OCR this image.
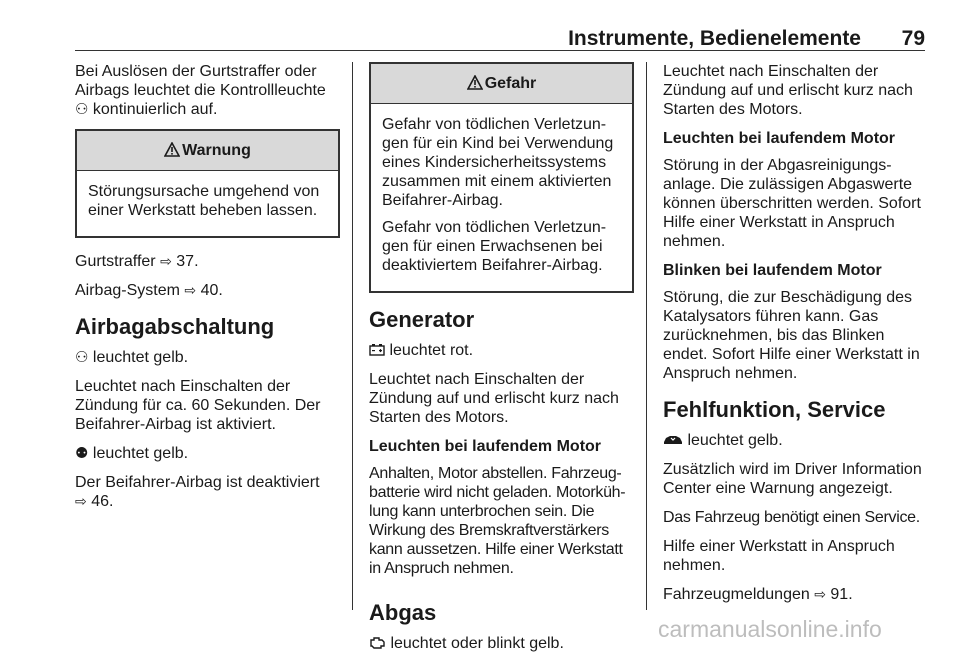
Instrumente, Bedienelemente 79

Bei Auslösen der Gurtstraffer oder
Airbags leuchtet die Kontrollleuchte
⚇ kontinuierlich auf.

Warnung

Störungsursache umgehend von
einer Werkstatt beheben lassen.

Gurtstraffer ⇨ 37.

Airbag-System ⇨ 40.

Airbagabschaltung

⚇ leuchtet gelb.

Leuchtet nach Einschalten der
Zündung für ca. 60 Sekunden. Der
Beifahrer-Airbag ist aktiviert.

⚉ leuchtet gelb.

Der Beifahrer-Airbag ist deaktiviert
⇨ 46.

Gefahr

Gefahr von tödlichen Verletzun-
gen für ein Kind bei Verwendung
eines Kindersicherheitssystems
zusammen mit einem aktivierten
Beifahrer-Airbag.

Gefahr von tödlichen Verletzun-
gen für einen Erwachsenen bei
deaktiviertem Beifahrer-Airbag.

Generator

leuchtet rot.

Leuchtet nach Einschalten der
Zündung auf und erlischt kurz nach
Starten des Motors.

Leuchten bei laufendem Motor

Anhalten, Motor abstellen. Fahrzeug-
batterie wird nicht geladen. Motorküh-
lung kann unterbrochen sein. Die
Wirkung des Bremskraftverstärkers
kann aussetzen. Hilfe einer Werkstatt
in Anspruch nehmen.

Abgas

leuchtet oder blinkt gelb.

Leuchtet nach Einschalten der
Zündung auf und erlischt kurz nach
Starten des Motors.

Leuchten bei laufendem Motor

Störung in der Abgasreinigungs-
anlage. Die zulässigen Abgaswerte
können überschritten werden. Sofort
Hilfe einer Werkstatt in Anspruch
nehmen.

Blinken bei laufendem Motor

Störung, die zur Beschädigung des
Katalysators führen kann. Gas
zurücknehmen, bis das Blinken
endet. Sofort Hilfe einer Werkstatt in
Anspruch nehmen.

Fehlfunktion, Service

leuchtet gelb.

Zusätzlich wird im Driver Information
Center eine Warnung angezeigt.

Das Fahrzeug benötigt einen Service.

Hilfe einer Werkstatt in Anspruch
nehmen.

Fahrzeugmeldungen ⇨ 91.

carmanualsonline.info
